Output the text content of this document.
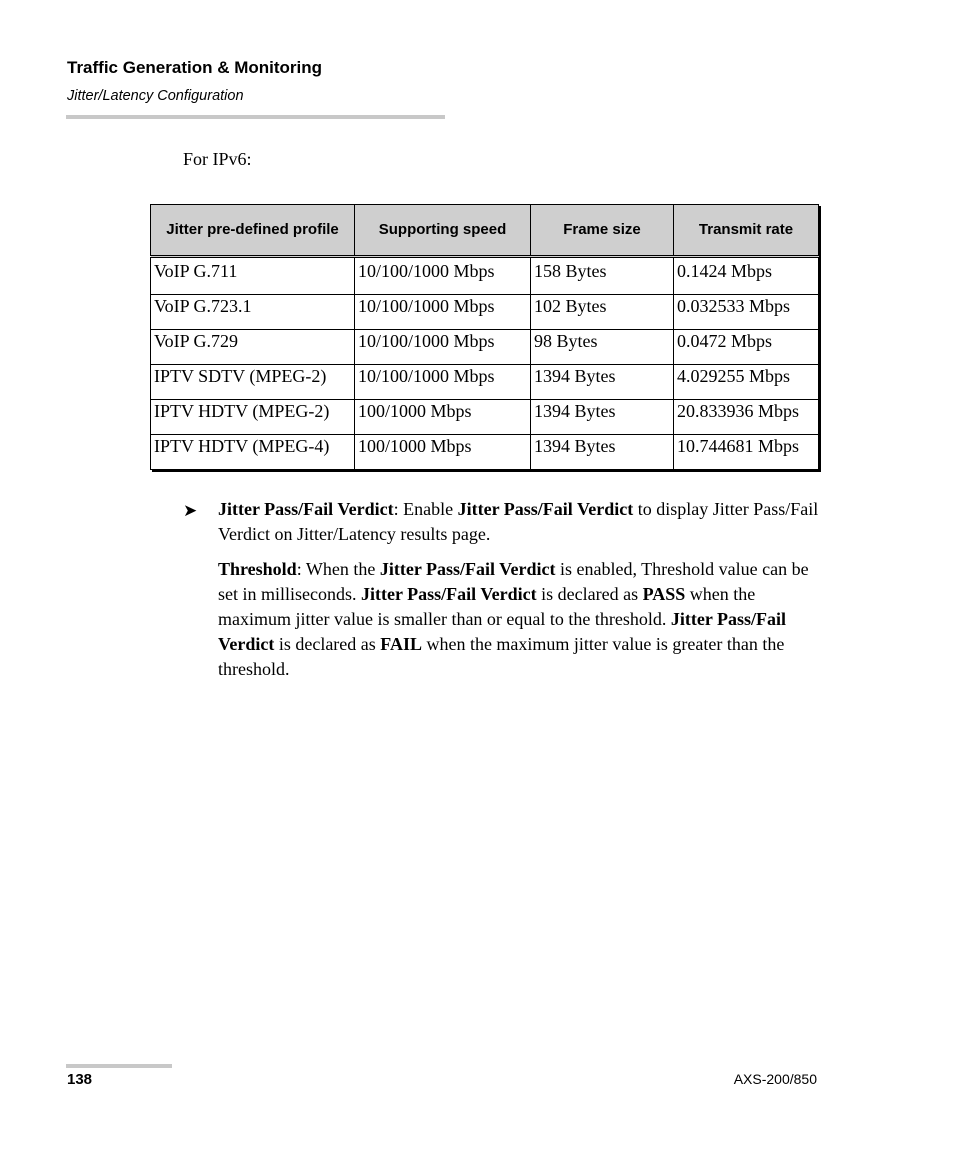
Traffic Generation & Monitoring
Jitter/Latency Configuration
For IPv6:
Jitter pre-defined profile	Supporting speed	Frame size	Transmit rate
VoIP G.711	10/100/1000 Mbps	158 Bytes	0.1424 Mbps
VoIP G.723.1	10/100/1000 Mbps	102 Bytes	0.032533 Mbps
VoIP G.729	10/100/1000 Mbps	98 Bytes	0.0472 Mbps
IPTV SDTV (MPEG-2)	10/100/1000 Mbps	1394 Bytes	4.029255 Mbps
IPTV HDTV (MPEG-2)	100/1000 Mbps	1394 Bytes	20.833936 Mbps
IPTV HDTV (MPEG-4)	100/1000 Mbps	1394 Bytes	10.744681 Mbps
➤ Jitter Pass/Fail Verdict: Enable Jitter Pass/Fail Verdict to display Jitter Pass/Fail Verdict on Jitter/Latency results page.
Threshold: When the Jitter Pass/Fail Verdict is enabled, Threshold value can be set in milliseconds. Jitter Pass/Fail Verdict is declared as PASS when the maximum jitter value is smaller than or equal to the threshold. Jitter Pass/Fail Verdict is declared as FAIL when the maximum jitter value is greater than the threshold.
138	AXS-200/850
